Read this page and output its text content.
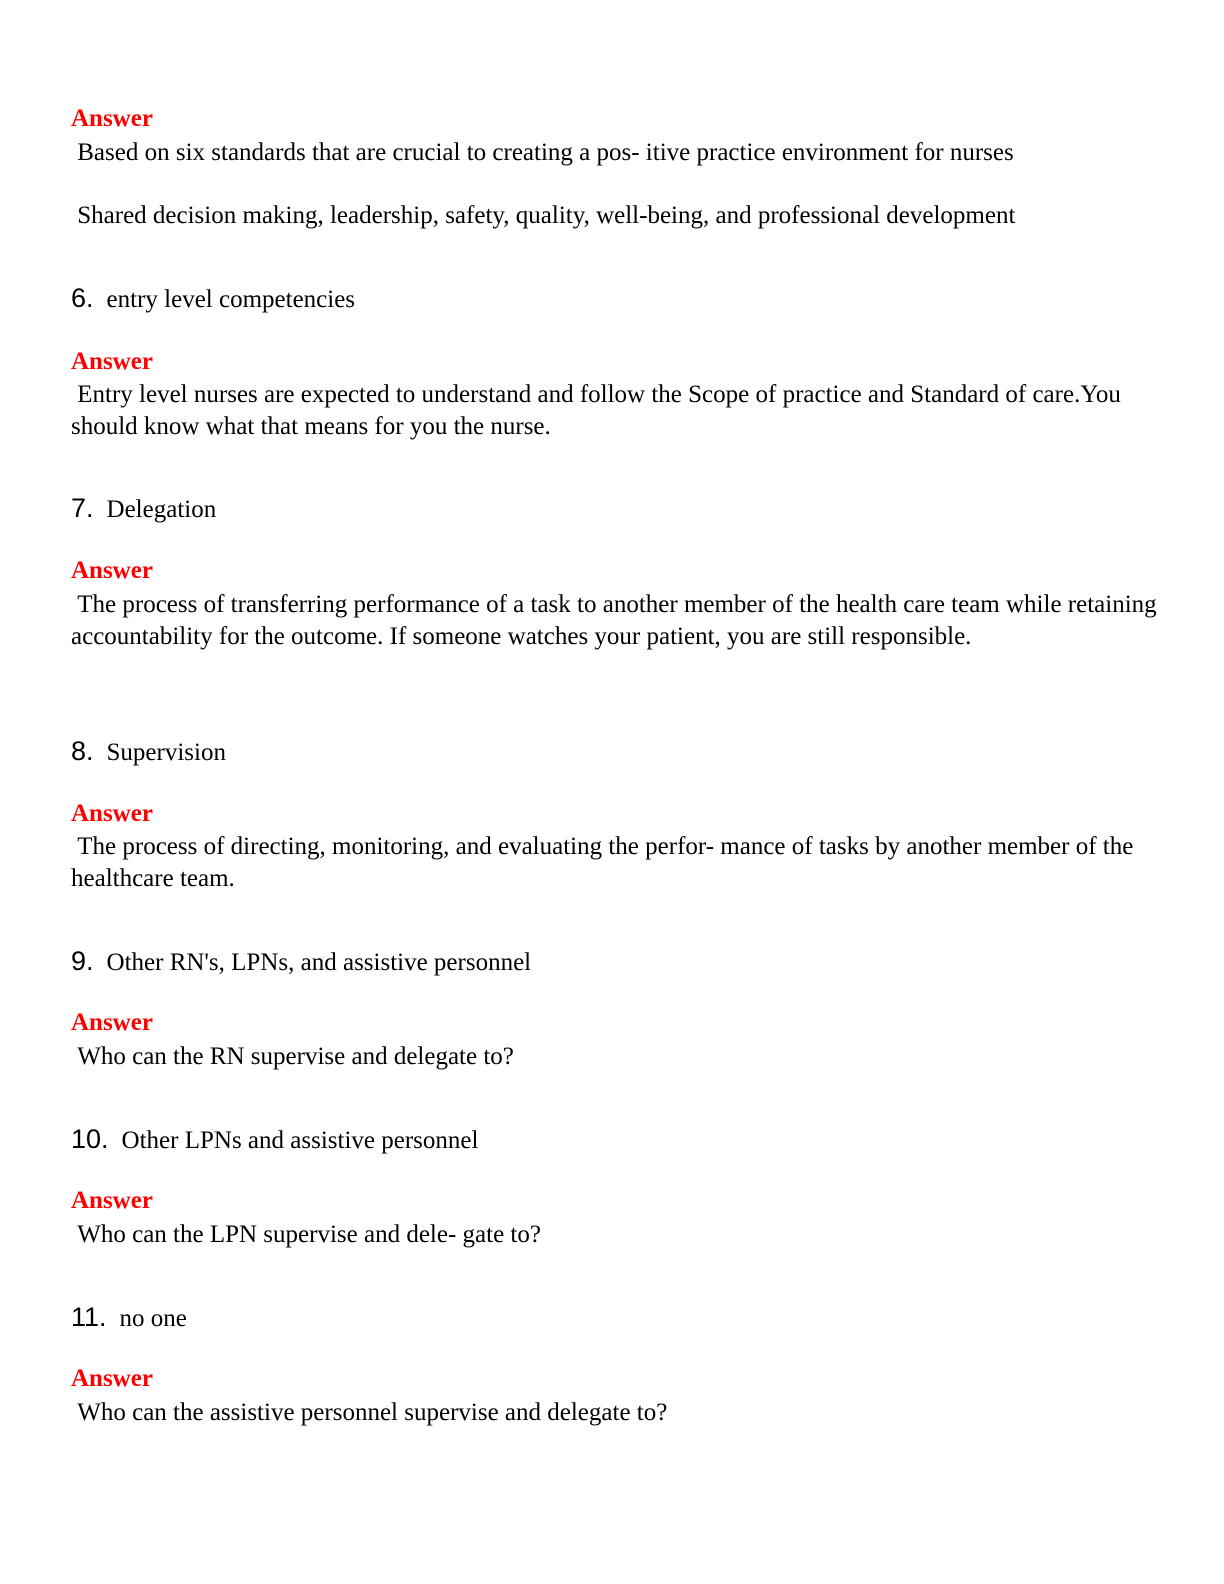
Answer

Based on six standards that are crucial to creating a pos- itive practice environment for nurses

Shared decision making, leadership, safety, quality, well-being, and professional development

6. entry level competencies

Answer

Entry level nurses are expected to understand and follow the Scope of practice and Standard of care.You should know what that means for you the nurse.

7. Delegation

Answer

The process of transferring performance of a task to another member of the health care team while retaining accountability for the outcome. If someone watches your patient, you are still responsible.

8. Supervision

Answer

The process of directing, monitoring, and evaluating the perfor- mance of tasks by another member of the healthcare team.

9. Other RN's, LPNs, and assistive personnel

Answer

Who can the RN supervise and delegate to?

10. Other LPNs and assistive personnel

Answer

Who can the LPN supervise and dele- gate to?

11. no one

Answer

Who can the assistive personnel supervise and delegate to?
